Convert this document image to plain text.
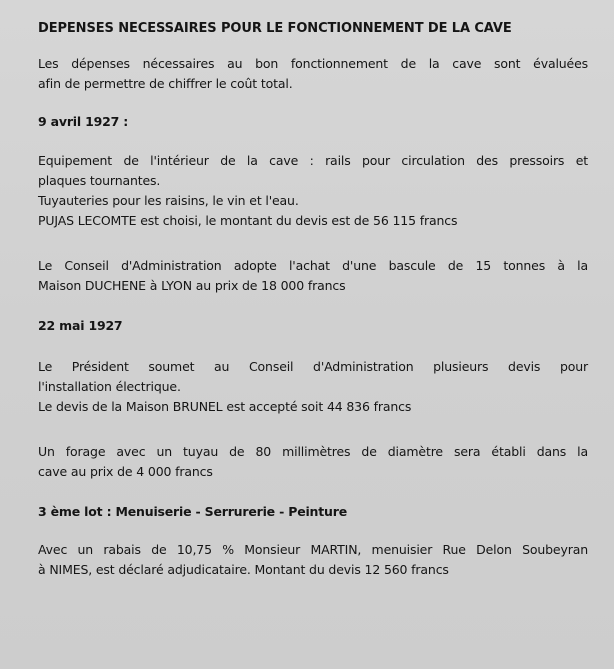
DEPENSES NECESSAIRES POUR LE FONCTIONNEMENT DE LA CAVE
Les dépenses nécessaires au bon fonctionnement de la cave sont évaluées
afin de permettre de chiffrer le coût total.
9 avril 1927 :
Equipement de l'intérieur de la cave : rails pour circulation des pressoirs et
plaques tournantes.
Tuyauteries pour les raisins, le vin et l'eau.
PUJAS LECOMTE est choisi, le montant du devis est de 56 115 francs
Le Conseil d'Administration adopte l'achat d'une bascule de 15 tonnes à la
Maison DUCHENE à LYON au prix de 18 000 francs
22 mai 1927
Le Président soumet au Conseil d'Administration plusieurs devis pour
l'installation électrique.
Le devis de la Maison BRUNEL est accepté soit 44 836 francs
Un forage avec un tuyau de 80 millimètres de diamètre sera établi dans la
cave au prix de 4 000 francs
3 ème lot : Menuiserie - Serrurerie - Peinture
Avec un rabais de 10,75 % Monsieur MARTIN, menuisier Rue Delon Soubeyran
à NIMES, est déclaré adjudicataire. Montant du devis 12 560 francs
